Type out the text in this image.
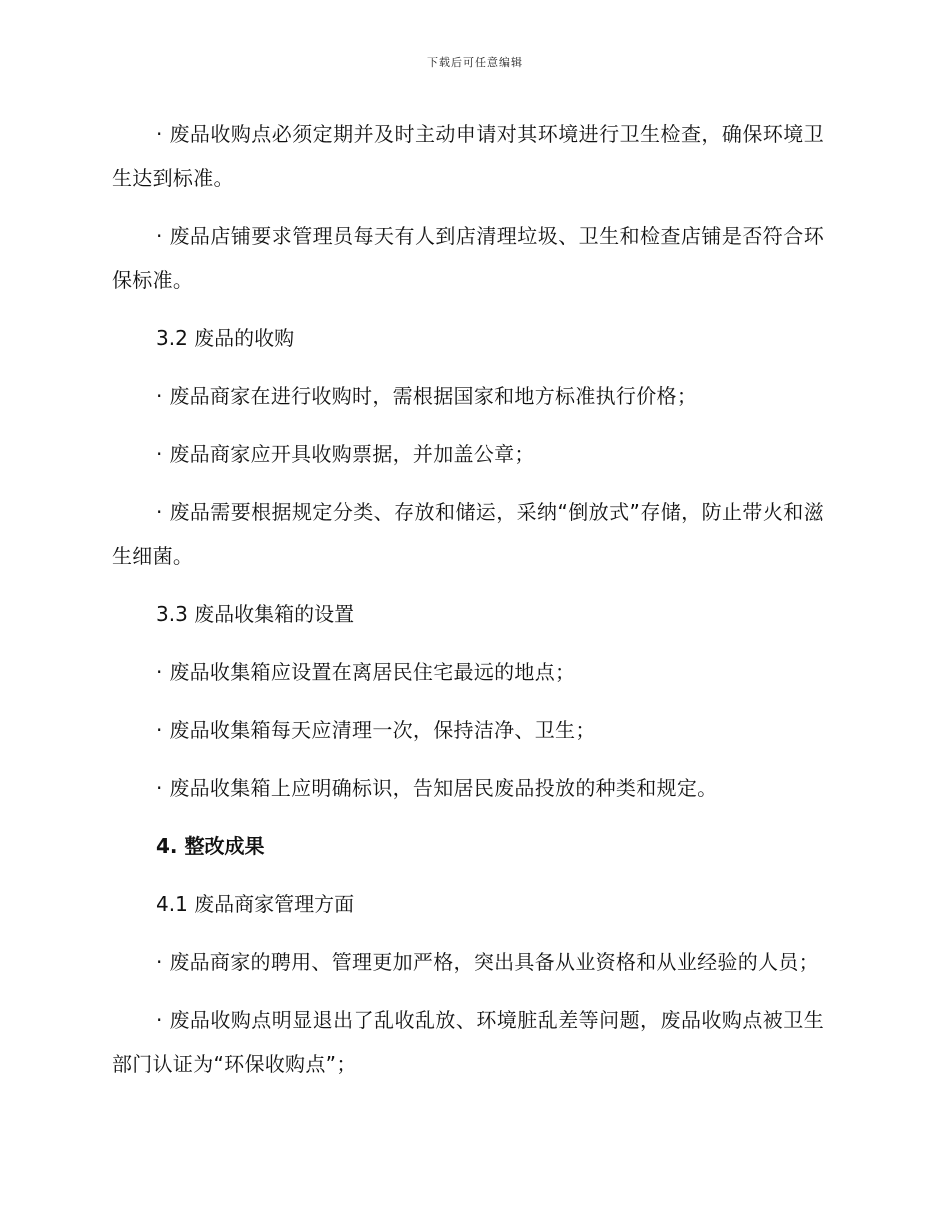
下载后可任意编辑

· 废品收购点必须定期并及时主动申请对其环境进行卫生检查，确保环境卫生达到标准。

· 废品店铺要求管理员每天有人到店清理垃圾、卫生和检查店铺是否符合环保标准。

3.2 废品的收购

· 废品商家在进行收购时，需根据国家和地方标准执行价格；

· 废品商家应开具收购票据，并加盖公章；

· 废品需要根据规定分类、存放和储运，采纳“倒放式”存储，防止带火和滋生细菌。

3.3 废品收集箱的设置

· 废品收集箱应设置在离居民住宅最远的地点；

· 废品收集箱每天应清理一次，保持洁净、卫生；

· 废品收集箱上应明确标识，告知居民废品投放的种类和规定。

4. 整改成果

4.1 废品商家管理方面

· 废品商家的聘用、管理更加严格，突出具备从业资格和从业经验的人员；

· 废品收购点明显退出了乱收乱放、环境脏乱差等问题，废品收购点被卫生部门认证为“环保收购点”；
